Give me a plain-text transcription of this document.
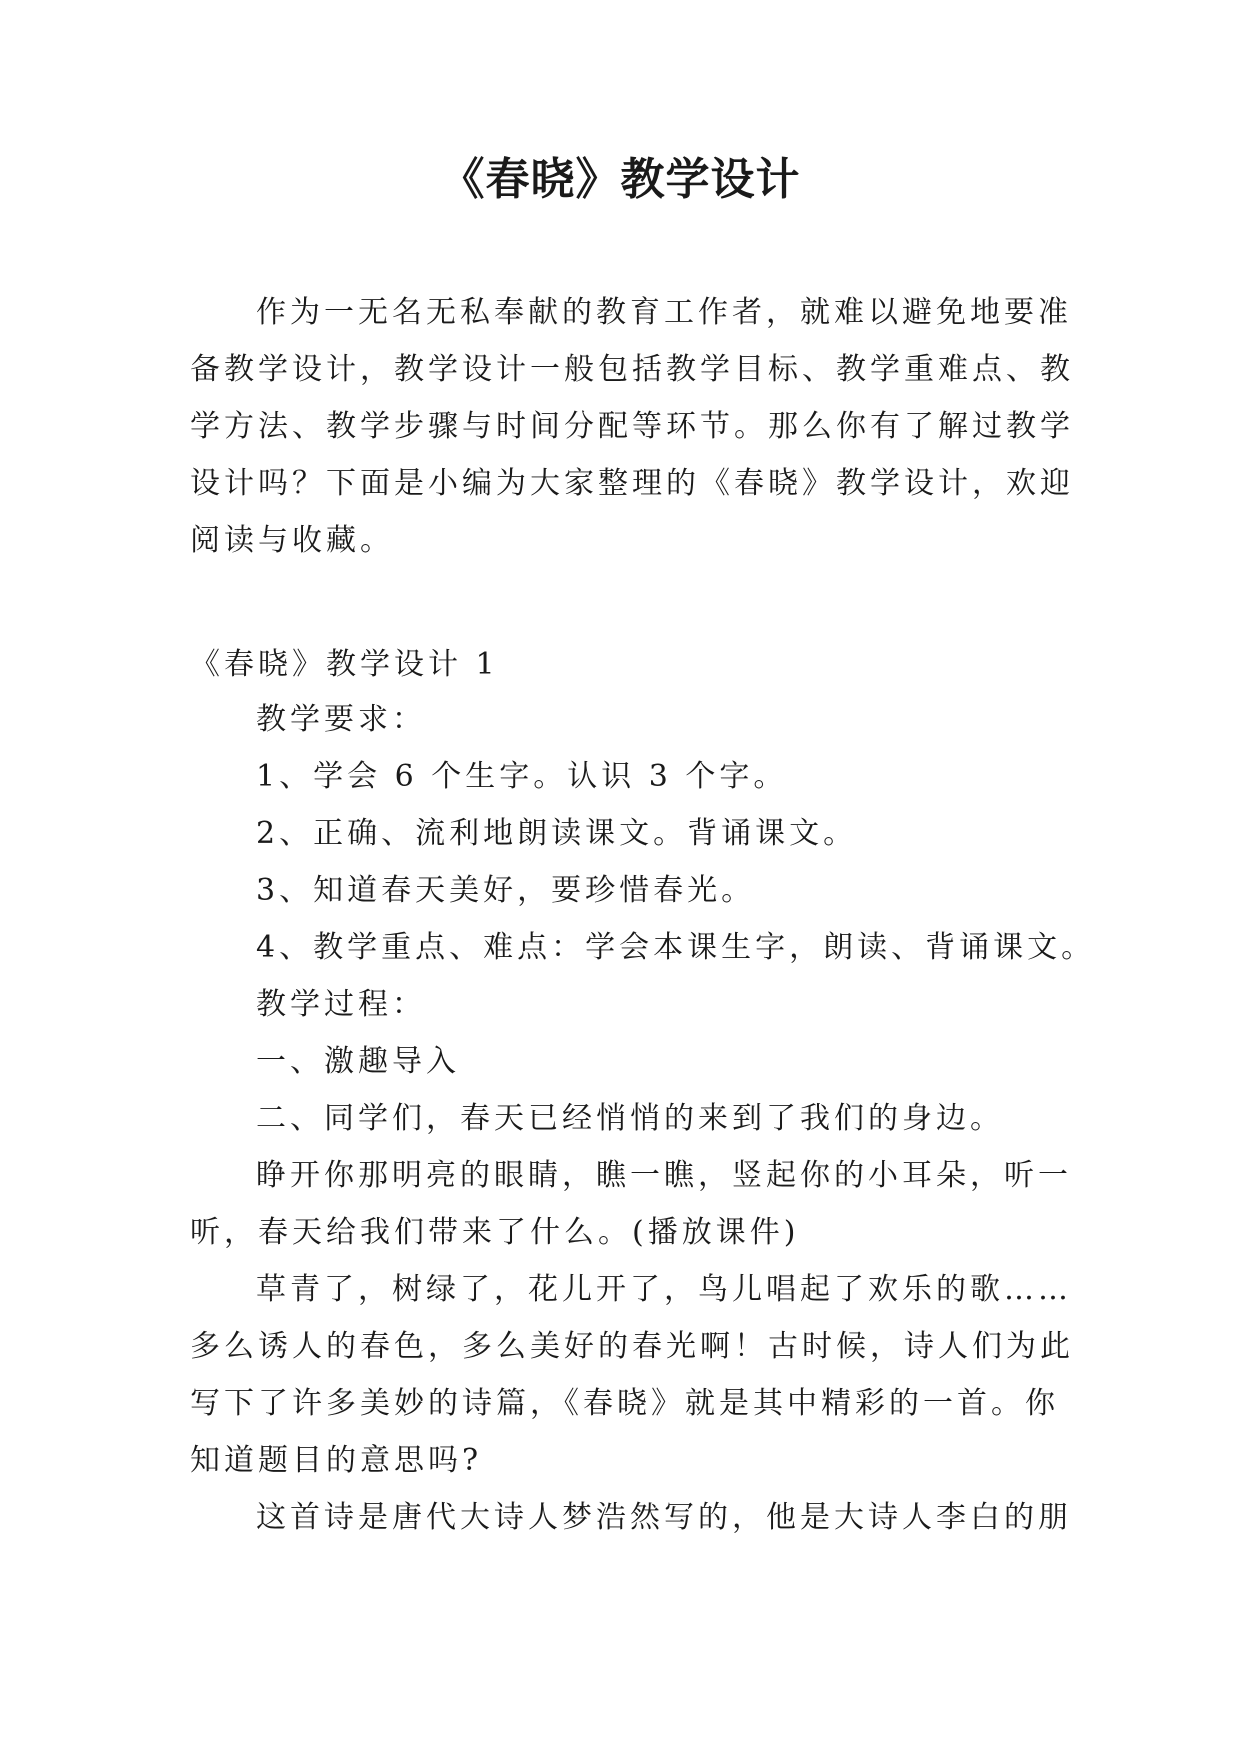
《春晓》教学设计
作为一无名无私奉献的教育工作者，就难以避免地要准
备教学设计，教学设计一般包括教学目标、教学重难点、教
学方法、教学步骤与时间分配等环节。那么你有了解过教学
设计吗？下面是小编为大家整理的《春晓》教学设计，欢迎
阅读与收藏。
《春晓》教学设计 1
教学要求：
1、学会 6 个生字。认识 3 个字。
2、正确、流利地朗读课文。背诵课文。
3、知道春天美好，要珍惜春光。
4、教学重点、难点：学会本课生字，朗读、背诵课文。
教学过程：
一、激趣导入
二、同学们，春天已经悄悄的来到了我们的身边。
睁开你那明亮的眼睛，瞧一瞧，竖起你的小耳朵，听一
听，春天给我们带来了什么。(播放课件)
草青了，树绿了，花儿开了，鸟儿唱起了欢乐的歌……
多么诱人的春色，多么美好的春光啊！古时候，诗人们为此
写下了许多美妙的诗篇，《春晓》就是其中精彩的一首。你
知道题目的意思吗?
这首诗是唐代大诗人梦浩然写的，他是大诗人李白的朋
